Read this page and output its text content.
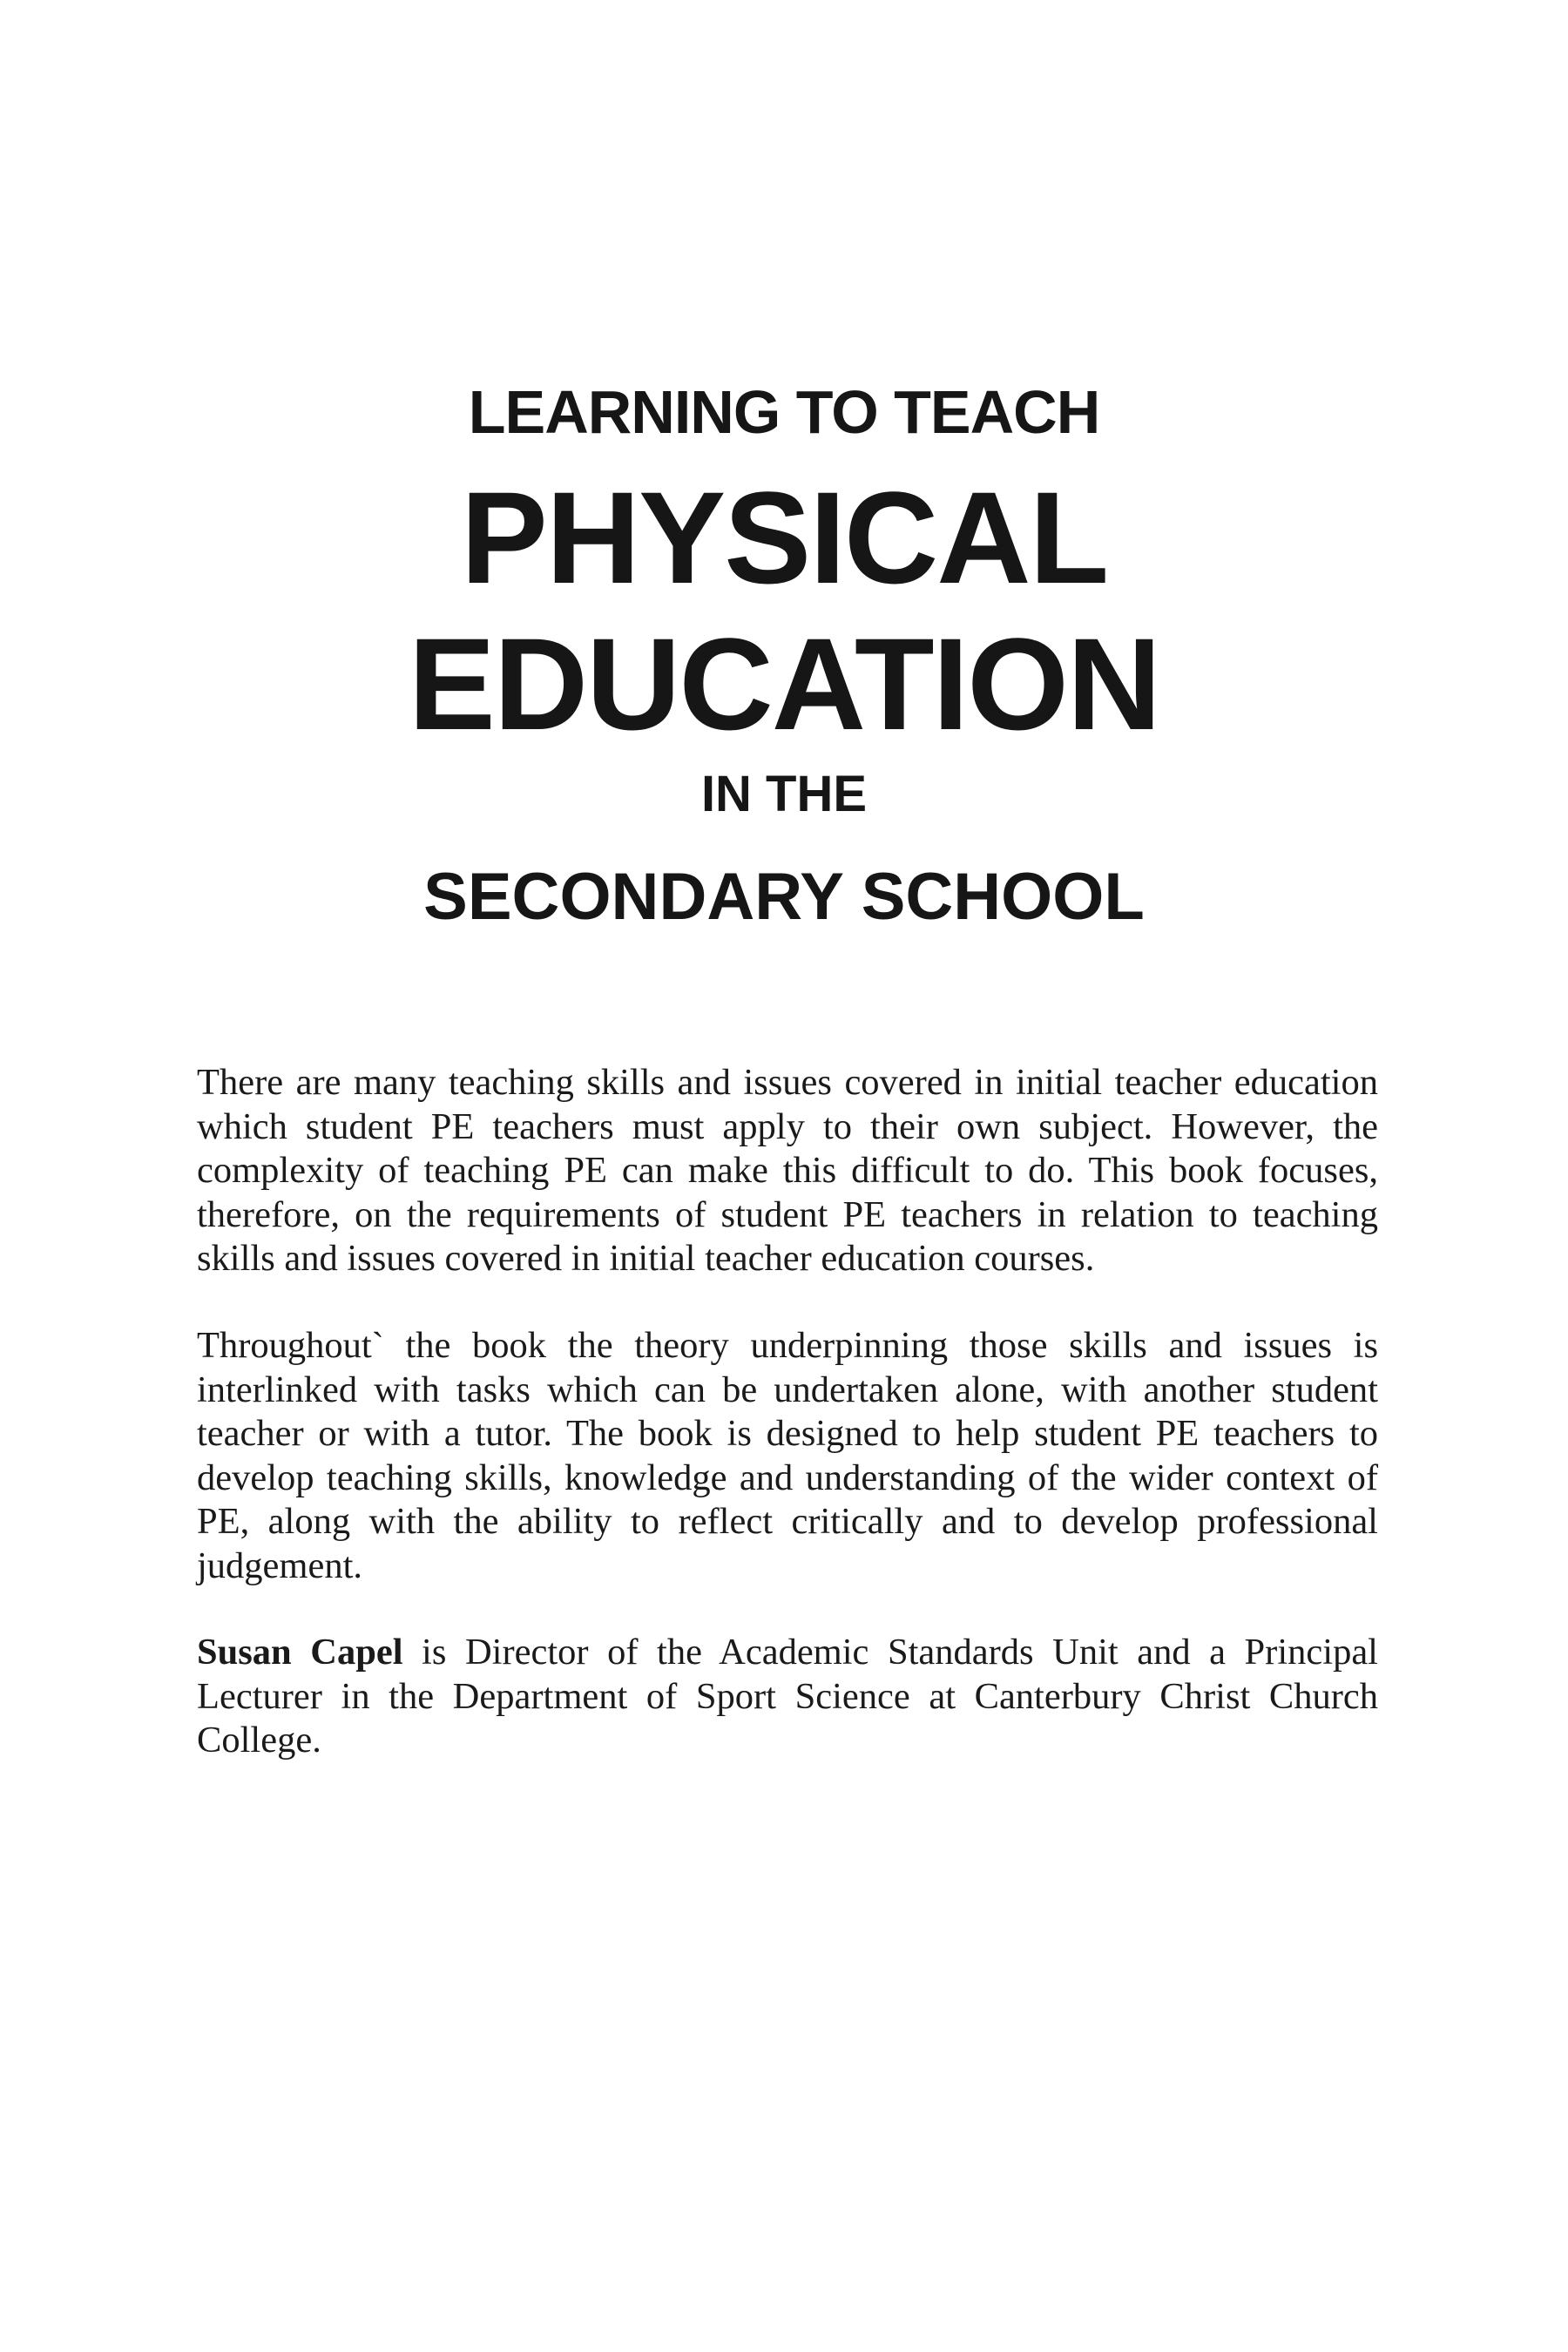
LEARNING TO TEACH
PHYSICAL
EDUCATION
IN THE
SECONDARY SCHOOL

There are many teaching skills and issues covered in initial teacher education which student PE teachers must apply to their own subject. However, the complexity of teaching PE can make this difficult to do. This book focuses, therefore, on the requirements of student PE teachers in relation to teaching skills and issues covered in initial teacher education courses.

Throughout` the book the theory underpinning those skills and issues is interlinked with tasks which can be undertaken alone, with another student teacher or with a tutor. The book is designed to help student PE teachers to develop teaching skills, knowledge and understanding of the wider context of PE, along with the ability to reflect critically and to develop professional judgement.

Susan Capel is Director of the Academic Standards Unit and a Principal Lecturer in the Department of Sport Science at Canterbury Christ Church College.
